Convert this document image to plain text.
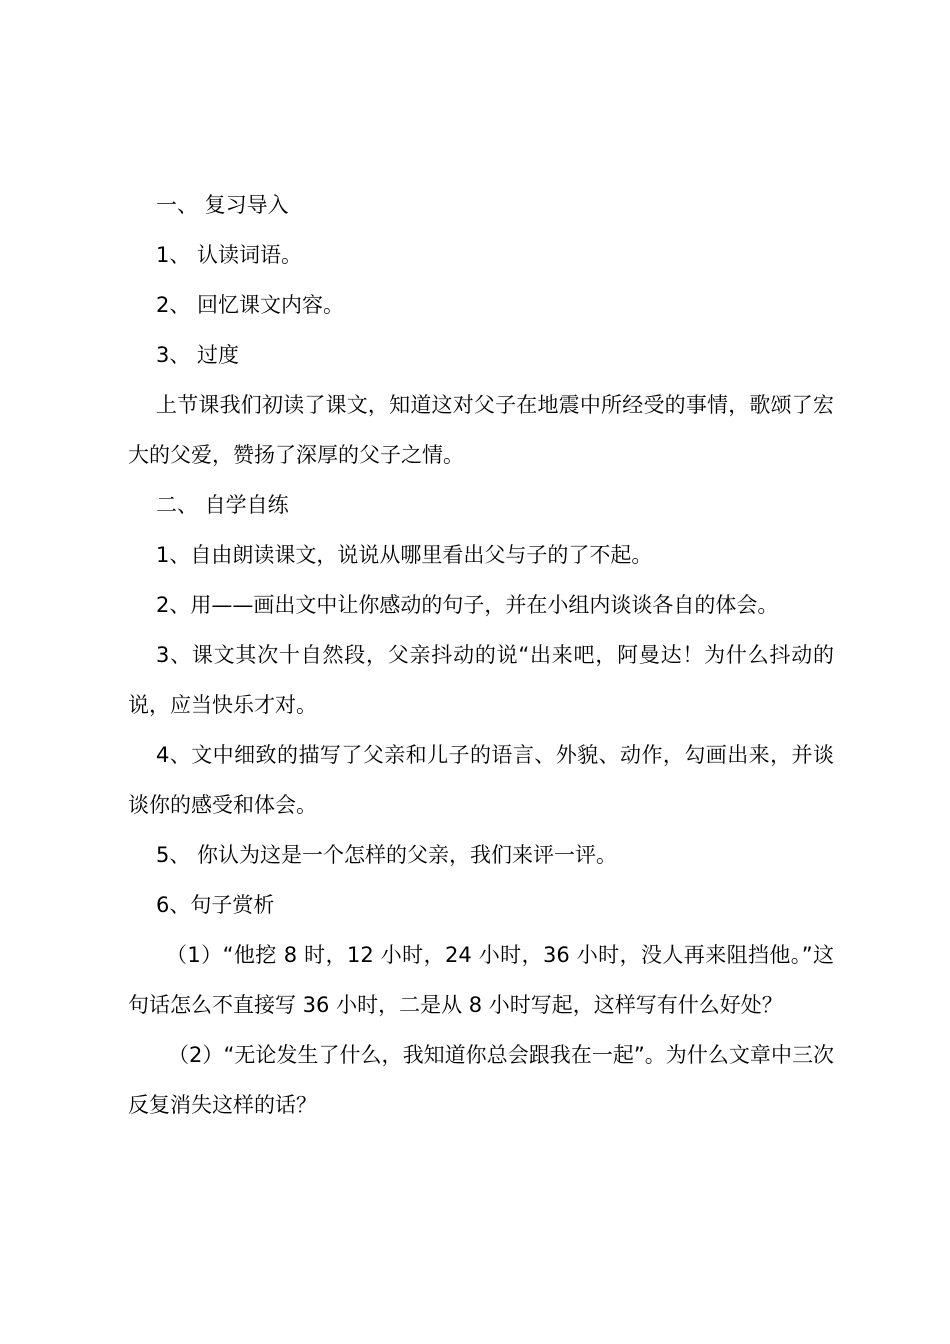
一、 复习导入

1、 认读词语。

2、 回忆课文内容。

3、 过度

上节课我们初读了课文，知道这对父子在地震中所经受的事情，歌颂了宏大的父爱，赞扬了深厚的父子之情。

二、 自学自练

1、自由朗读课文，说说从哪里看出父与子的了不起。

2、用——画出文中让你感动的句子，并在小组内谈谈各自的体会。

3、课文其次十自然段，父亲抖动的说“出来吧，阿曼达！为什么抖动的说，应当快乐才对。

4、文中细致的描写了父亲和儿子的语言、外貌、动作，勾画出来，并谈谈你的感受和体会。

5、 你认为这是一个怎样的父亲，我们来评一评。

6、句子赏析

（1）“他挖 8 时，12 小时，24 小时，36 小时，没人再来阻挡他。”这句话怎么不直接写 36 小时，二是从 8 小时写起，这样写有什么好处？

（2）“无论发生了什么，我知道你总会跟我在一起”。为什么文章中三次反复消失这样的话？
